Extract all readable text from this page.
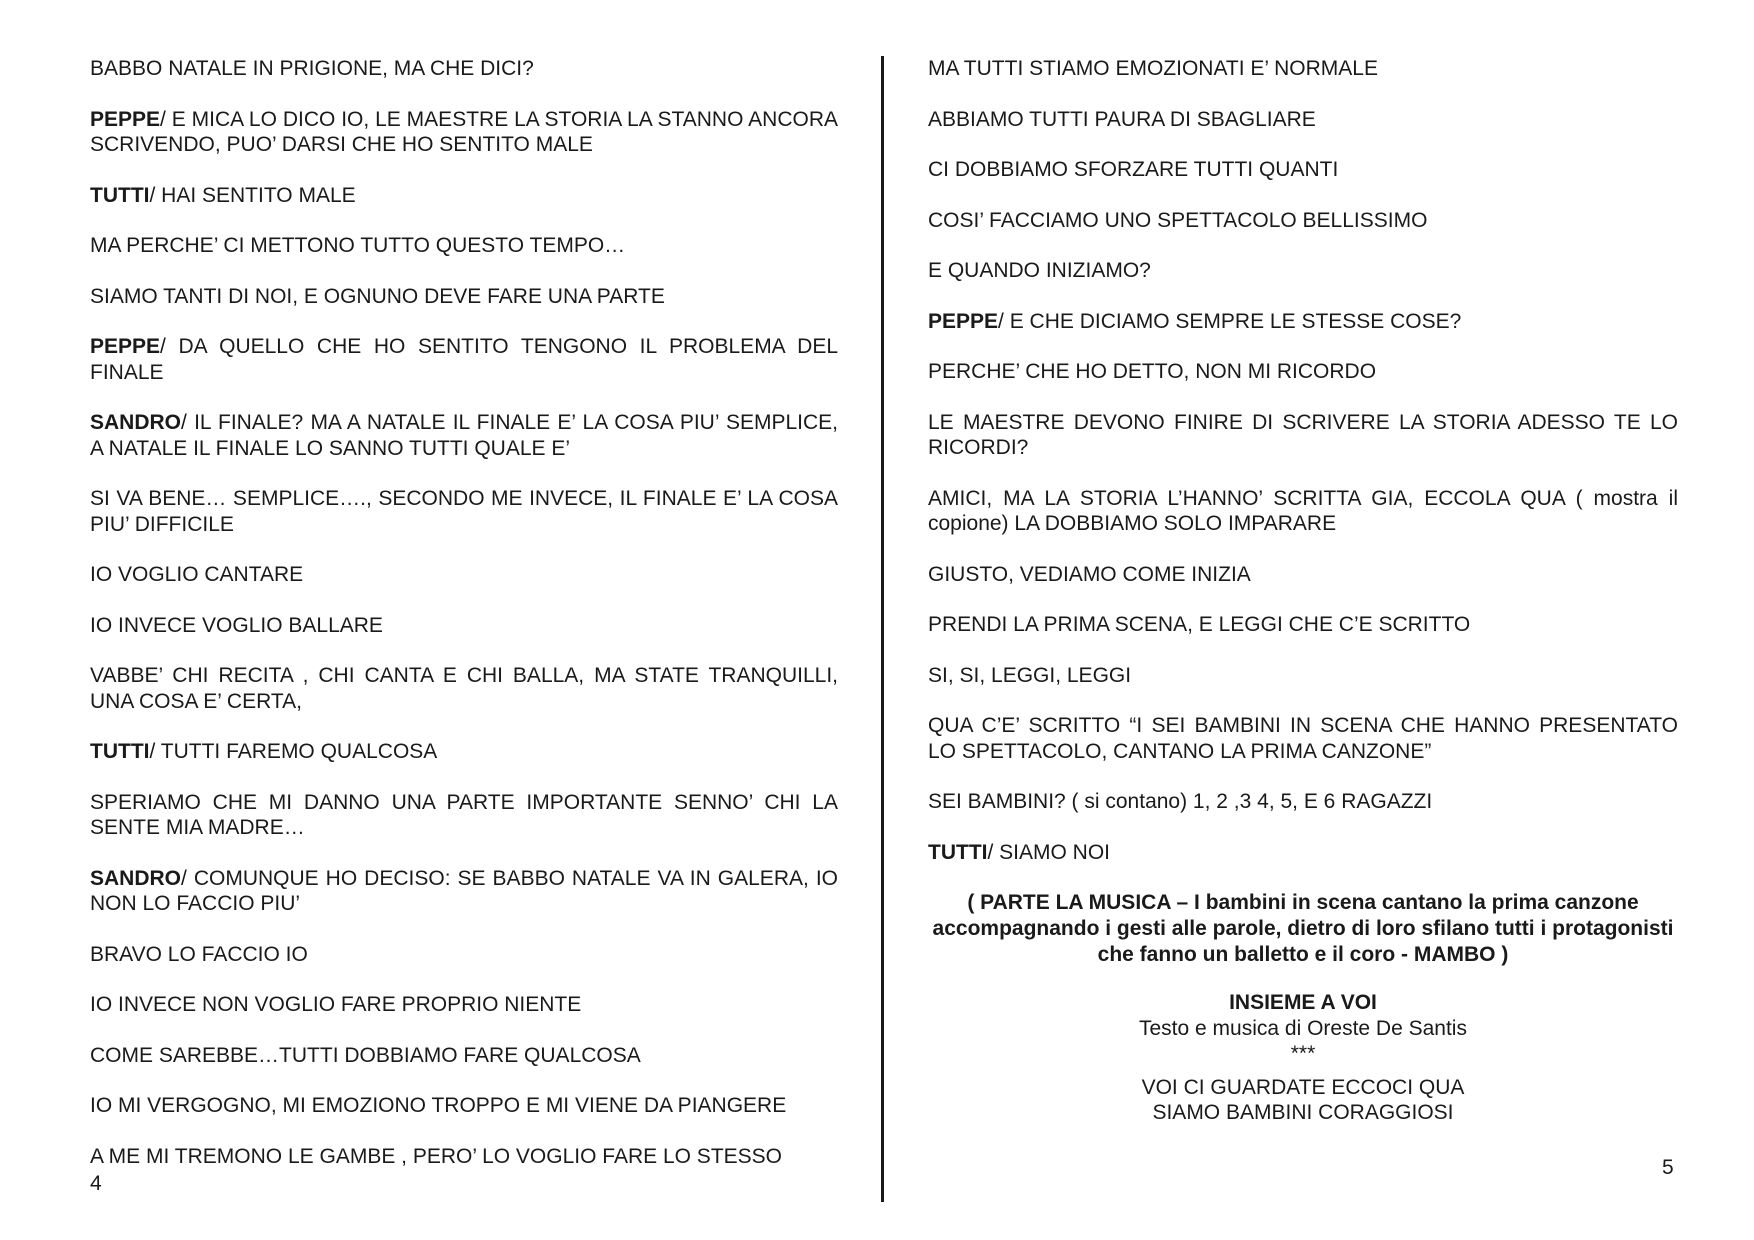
BABBO NATALE IN PRIGIONE, MA CHE DICI?

PEPPE/ E MICA LO DICO IO, LE MAESTRE LA STORIA LA STANNO ANCORA SCRIVENDO, PUO’ DARSI CHE HO SENTITO MALE

TUTTI/ HAI SENTITO MALE

MA PERCHE’ CI METTONO TUTTO QUESTO TEMPO…

SIAMO TANTI DI NOI, E OGNUNO DEVE FARE UNA PARTE

PEPPE/ DA QUELLO CHE HO SENTITO TENGONO IL PROBLEMA DEL FINALE

SANDRO/ IL FINALE? MA A NATALE IL FINALE E’ LA COSA PIU’ SEMPLICE, A NATALE IL FINALE LO SANNO TUTTI QUALE E’

SI VA BENE… SEMPLICE…., SECONDO ME INVECE, IL FINALE E’ LA COSA PIU’ DIFFICILE

IO VOGLIO CANTARE

IO INVECE VOGLIO BALLARE

VABBE’ CHI RECITA , CHI CANTA E CHI BALLA, MA STATE TRANQUILLI, UNA COSA E’ CERTA,

TUTTI/ TUTTI FAREMO QUALCOSA

SPERIAMO CHE MI DANNO UNA PARTE IMPORTANTE SENNO’ CHI LA SENTE MIA MADRE…

SANDRO/ COMUNQUE HO DECISO: SE BABBO NATALE VA IN GALERA, IO NON LO FACCIO PIU’

BRAVO LO FACCIO IO

IO INVECE NON VOGLIO FARE PROPRIO NIENTE

COME SAREBBE…TUTTI DOBBIAMO FARE QUALCOSA

IO MI VERGOGNO, MI EMOZIONO TROPPO E MI VIENE DA PIANGERE

A ME MI TREMONO LE GAMBE , PERO’ LO VOGLIO FARE LO STESSO

MA TUTTI STIAMO EMOZIONATI E’ NORMALE

ABBIAMO TUTTI PAURA DI SBAGLIARE

CI DOBBIAMO SFORZARE TUTTI QUANTI

COSI’ FACCIAMO UNO SPETTACOLO BELLISSIMO

E QUANDO INIZIAMO?

PEPPE/ E CHE DICIAMO SEMPRE LE STESSE COSE?

PERCHE’ CHE HO DETTO, NON MI RICORDO

LE MAESTRE DEVONO FINIRE DI SCRIVERE LA STORIA ADESSO TE LO RICORDI?

AMICI, MA LA STORIA L’HANNO’ SCRITTA GIA, ECCOLA QUA ( mostra il copione) LA DOBBIAMO SOLO IMPARARE

GIUSTO, VEDIAMO COME INIZIA

PRENDI LA PRIMA SCENA, E LEGGI CHE C’E SCRITTO

SI, SI, LEGGI, LEGGI

QUA C’E’ SCRITTO “I SEI BAMBINI IN SCENA CHE HANNO PRESENTATO LO SPETTACOLO, CANTANO LA PRIMA CANZONE”

SEI BAMBINI? ( si contano) 1, 2 ,3 4, 5, E 6 RAGAZZI

TUTTI/ SIAMO NOI

( PARTE LA MUSICA – I bambini in scena cantano la prima canzone accompagnando i gesti alle parole, dietro di loro sfilano tutti i protagonisti che fanno un balletto e il coro - MAMBO )

INSIEME A VOI
Testo e musica di Oreste De Santis
***
VOI CI GUARDATE ECCOCI QUA
SIAMO BAMBINI CORAGGIOSI
4
5
